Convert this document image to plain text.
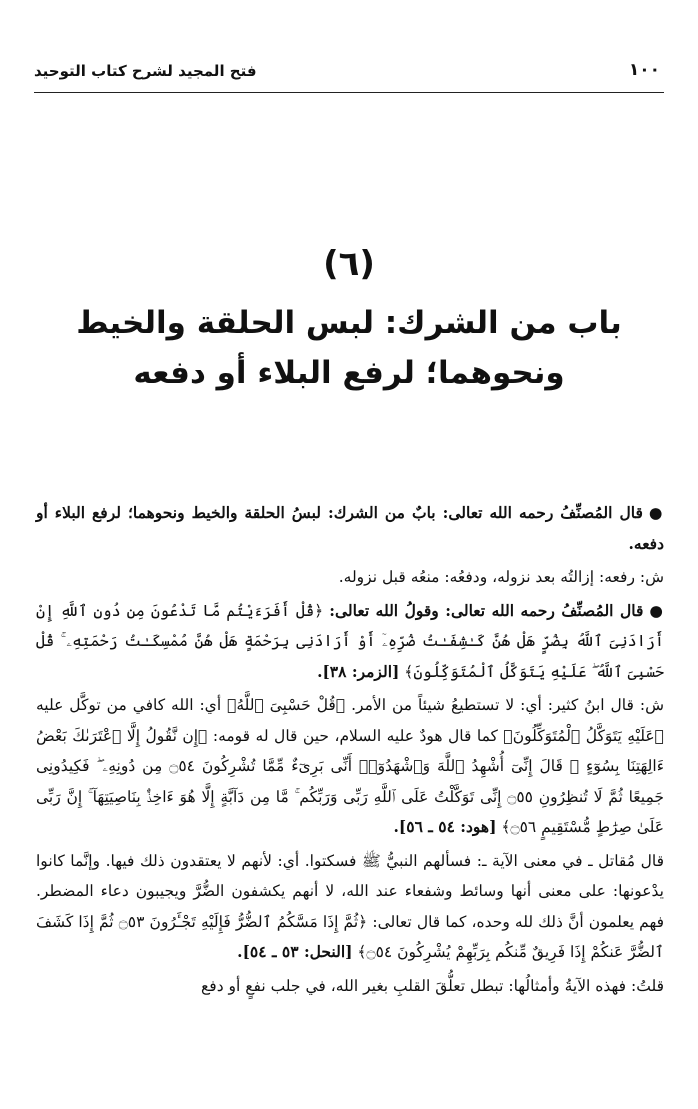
فتح المجيد لشرح كتاب التوحيد	١٠٠
(٦)
باب من الشرك: لبس الحلقة والخيط
ونحوهما؛ لرفع البلاء أو دفعه

●قال المُصنِّفُ رحمه الله تعالى: بابٌ من الشرك: لبسُ الحلقة والخيط ونحوهما؛ لرفع البلاء أو دفعه.

ش: رفعه: إزالتُه بعد نزوله، ودفعُه: منعُه قبل نزوله.

●قال المُصنِّفُ رحمه الله تعالى: وقولُ الله تعالى: ﴿قُلْ أَفَرَءَيْتُم مَّا تَدْعُونَ مِن دُونِ ٱللَّهِ إِنْ أَرَادَنِىَ ٱللَّهُ بِضُرٍّ هَلْ هُنَّ كَـٰشِفَـٰتُ ضُرِّهِۦٓ أَوْ أَرَادَنِى بِرَحْمَةٍ هَلْ هُنَّ مُمْسِكَـٰتُ رَحْمَتِهِۦ ۚ قُلْ حَسْبِىَ ٱللَّهُ ۖ عَلَيْهِ يَتَوَكَّلُ ٱلْمُتَوَكِّلُونَ﴾ [الزمر: ٣٨].

ش: قال ابنُ كثير: أي: لا تستطيعُ شيئاً من الأمر. ﴿قُلْ حَسْبِىَ ٱللَّهُ﴾ أي: الله كافي من توكَّل عليه ﴿عَلَيْهِ يَتَوَكَّلُ ٱلْمُتَوَكِّلُونَ﴾ كما قال هودٌ عليه السلام، حين قال له قومه: ﴿إِن نَّقُولُ إِلَّا ٱعْتَرَىٰكَ بَعْضُ ءَالِهَتِنَا بِسُوٓءٍ ۗ قَالَ إِنِّىٓ أُشْهِدُ ٱللَّهَ وَٱشْهَدُوٓا۟ أَنِّى بَرِىٓءٌ مِّمَّا تُشْرِكُونَ ۝٥٤ مِن دُونِهِۦ ۖ فَكِيدُونِى جَمِيعًا ثُمَّ لَا تُنظِرُونِ ۝٥٥ إِنِّى تَوَكَّلْتُ عَلَى ٱللَّهِ رَبِّى وَرَبِّكُم ۚ مَّا مِن دَآبَّةٍ إِلَّا هُوَ ءَاخِذٌۢ بِنَاصِيَتِهَآ ۚ إِنَّ رَبِّى عَلَىٰ صِرَٰطٍ مُّسْتَقِيمٍ ۝٥٦﴾ [هود: ٥٤ ـ ٥٦].

قال مُقاتل ـ في معنى الآية ـ: فسألهم النبيُّ ﷺ فسكتوا. أي: لأنهم لا يعتقدون ذلك فيها. وإنَّما كانوا يدْعونها: على معنى أنها وسائط وشفعاء عند الله، لا أنهم يكشفون الضُّرَّ ويجيبون دعاء المضطر. فهم يعلمون أنَّ ذلك لله وحده، كما قال تعالى: ﴿ثُمَّ إِذَا مَسَّكُمُ ٱلضُّرُّ فَإِلَيْهِ تَجْـَٔرُونَ ۝٥٣ ثُمَّ إِذَا كَشَفَ ٱلضُّرَّ عَنكُمْ إِذَا فَرِيقٌ مِّنكُم بِرَبِّهِمْ يُشْرِكُونَ ۝٥٤﴾ [النحل: ٥٣ ـ ٥٤].

قلتُ: فهذه الآيةُ وأمثالُها: تبطل تعلُّقَ القلبِ بغير الله، في جلب نفعٍ أو دفع
